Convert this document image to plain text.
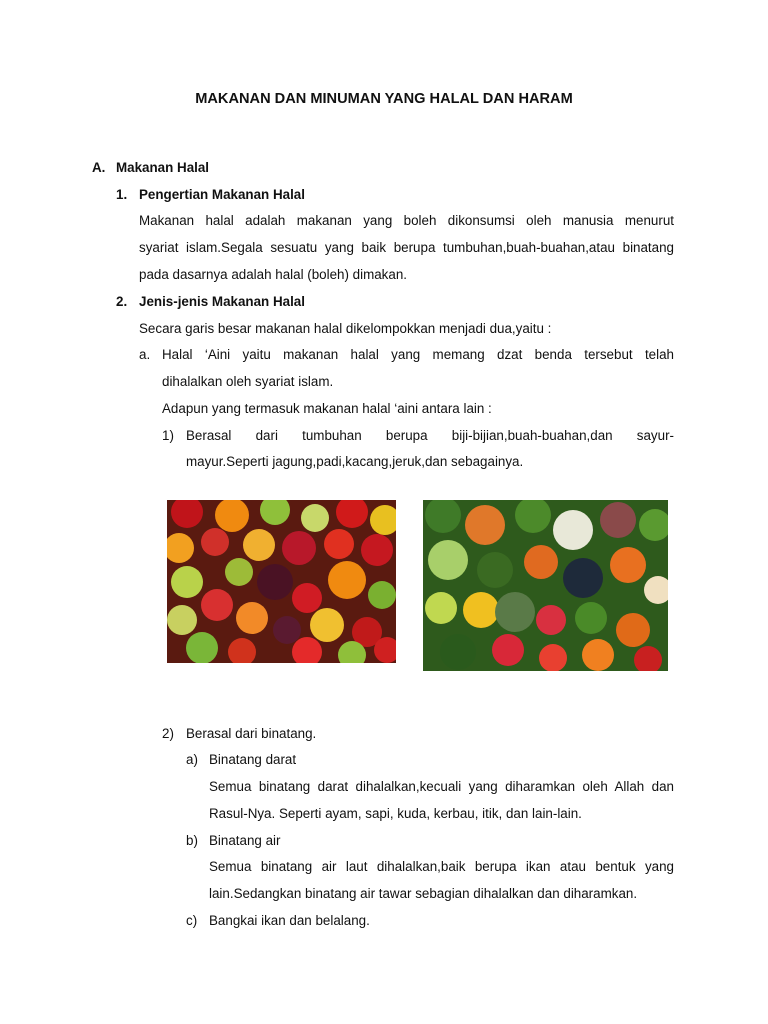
MAKANAN DAN MINUMAN YANG HALAL DAN HARAM
A. Makanan Halal
1. Pengertian Makanan Halal
Makanan halal adalah makanan yang boleh dikonsumsi oleh manusia menurut
syariat islam.Segala sesuatu yang baik berupa tumbuhan,buah-buahan,atau binatang
pada dasarnya adalah halal (boleh) dimakan.
2. Jenis-jenis Makanan Halal
Secara garis besar makanan halal dikelompokkan menjadi dua,yaitu :
a. Halal ‘Aini yaitu makanan halal yang memang dzat benda tersebut telah
dihalalkan oleh syariat islam.
Adapun yang termasuk makanan halal ‘aini antara lain :
1) Berasal dari tumbuhan berupa biji-bijian,buah-buahan,dan sayur-
mayur.Seperti jagung,padi,kacang,jeruk,dan sebagainya.
2) Berasal dari binatang.
a) Binatang darat
Semua binatang darat dihalalkan,kecuali yang diharamkan oleh Allah dan
Rasul-Nya. Seperti ayam, sapi, kuda, kerbau, itik, dan lain-lain.
b) Binatang air
Semua binatang air laut dihalalkan,baik berupa ikan atau bentuk yang
lain.Sedangkan binatang air tawar sebagian dihalalkan dan diharamkan.
c) Bangkai ikan dan belalang.
